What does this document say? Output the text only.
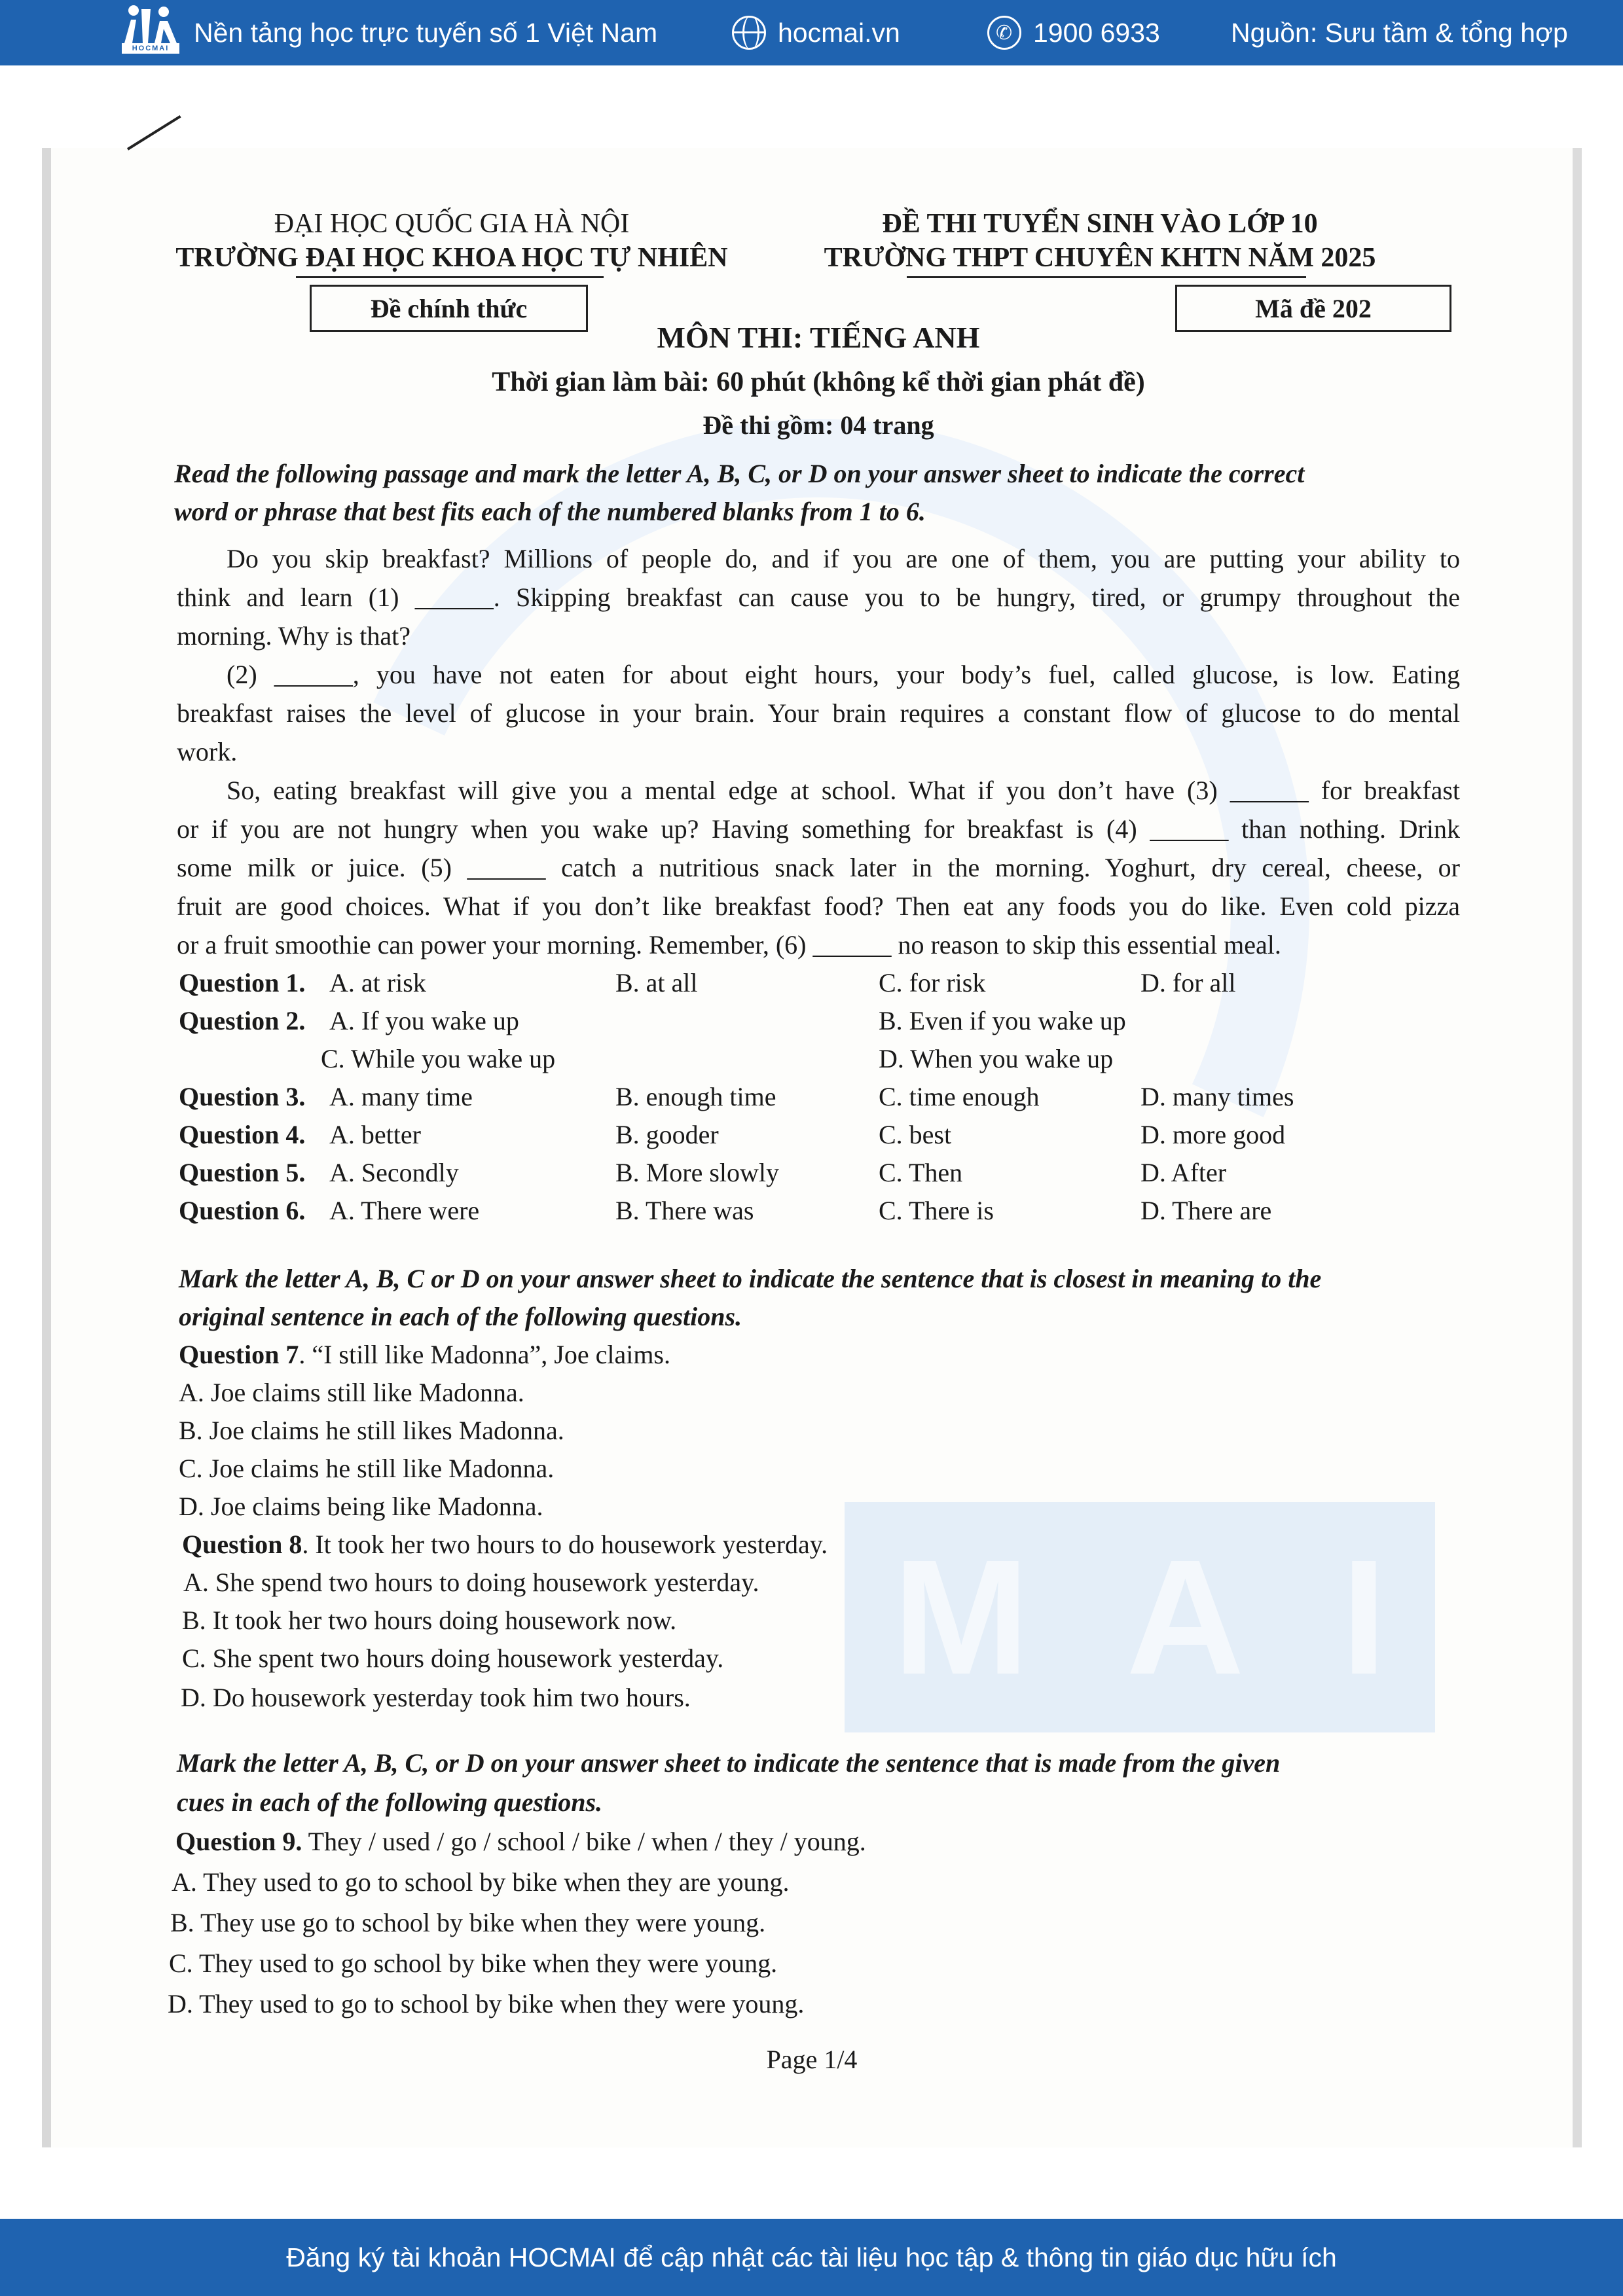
HOCMAI
Nền tảng học trực tuyến số 1 Việt Nam	hocmai.vn	✆ 1900 6933	Nguồn: Sưu tầm & tổng hợp
M A I
ĐẠI HỌC QUỐC GIA HÀ NỘI
TRƯỜNG ĐẠI HỌC KHOA HỌC TỰ NHIÊN
ĐỀ THI TUYỂN SINH VÀO LỚP 10
TRƯỜNG THPT CHUYÊN KHTN NĂM 2025
Đề chính thức	Mã đề 202
MÔN THI: TIẾNG ANH
Thời gian làm bài: 60 phút (không kể thời gian phát đề)
Đề thi gồm: 04 trang
Read the following passage and mark the letter A, B, C, or D on your answer sheet to indicate the correct
word or phrase that best fits each of the numbered blanks from 1 to 6.
Do you skip breakfast? Millions of people do, and if you are one of them, you are putting your ability to
think and learn (1) ______. Skipping breakfast can cause you to be hungry, tired, or grumpy throughout the
morning. Why is that?
(2) ______, you have not eaten for about eight hours, your body’s fuel, called glucose, is low. Eating
breakfast raises the level of glucose in your brain. Your brain requires a constant flow of glucose to do mental
work.
So, eating breakfast will give you a mental edge at school. What if you don’t have (3) ______ for breakfast
or if you are not hungry when you wake up? Having something for breakfast is (4) ______ than nothing. Drink
some milk or juice. (5) ______ catch a nutritious snack later in the morning. Yoghurt, dry cereal, cheese, or
fruit are good choices. What if you don’t like breakfast food? Then eat any foods you do like. Even cold pizza
or a fruit smoothie can power your morning. Remember, (6) ______ no reason to skip this essential meal.
Question 1. A. at risk	B. at all	C. for risk	D. for all
Question 2. A. If you wake up	B. Even if you wake up
C. While you wake up	D. When you wake up
Question 3. A. many time	B. enough time	C. time enough	D. many times
Question 4. A. better	B. gooder	C. best	D. more good
Question 5. A. Secondly	B. More slowly	C. Then	D. After
Question 6. A. There were	B. There was	C. There is	D. There are
Mark the letter A, B, C or D on your answer sheet to indicate the sentence that is closest in meaning to the
original sentence in each of the following questions.
Question 7. “I still like Madonna”, Joe claims.
A. Joe claims still like Madonna.
B. Joe claims he still likes Madonna.
C. Joe claims he still like Madonna.
D. Joe claims being like Madonna.
Question 8. It took her two hours to do housework yesterday.
A. She spend two hours to doing housework yesterday.
B. It took her two hours doing housework now.
C. She spent two hours doing housework yesterday.
D. Do housework yesterday took him two hours.
Mark the letter A, B, C, or D on your answer sheet to indicate the sentence that is made from the given
cues in each of the following questions.
Question 9. They / used / go / school / bike / when / they / young.
A. They used to go to school by bike when they are young.
B. They use go to school by bike when they were young.
C. They used to go school by bike when they were young.
D. They used to go to school by bike when they were young.
Page 1/4
Đăng ký tài khoản HOCMAI để cập nhật các tài liệu học tập & thông tin giáo dục hữu ích
